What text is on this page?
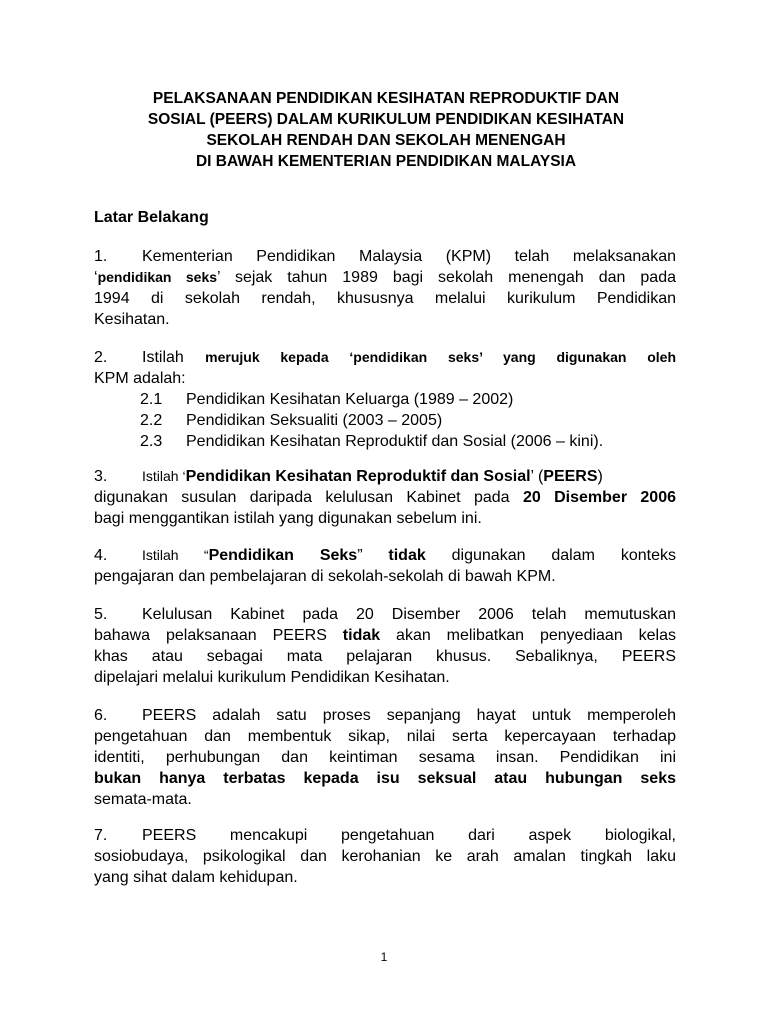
PELAKSANAAN PENDIDIKAN KESIHATAN REPRODUKTIF DAN
SOSIAL (PEERS) DALAM KURIKULUM PENDIDIKAN KESIHATAN
SEKOLAH RENDAH DAN SEKOLAH MENENGAH
DI BAWAH KEMENTERIAN PENDIDIKAN MALAYSIA
Latar Belakang
1. Kementerian Pendidikan Malaysia (KPM) telah melaksanakan
‘pendidikan seks’ sejak tahun 1989 bagi sekolah menengah dan pada
1994 di sekolah rendah, khususnya melalui kurikulum Pendidikan
Kesihatan.
2. Istilah merujuk kepada ‘pendidikan seks’ yang digunakan oleh
KPM adalah:
2.1 Pendidikan Kesihatan Keluarga (1989 – 2002)
2.2 Pendidikan Seksualiti (2003 – 2005)
2.3 Pendidikan Kesihatan Reproduktif dan Sosial (2006 – kini).
3. Istilah ‘Pendidikan Kesihatan Reproduktif dan Sosial’ (PEERS)
digunakan susulan daripada kelulusan Kabinet pada 20 Disember 2006
bagi menggantikan istilah yang digunakan sebelum ini.
4. Istilah “Pendidikan Seks” tidak digunakan dalam konteks
pengajaran dan pembelajaran di sekolah-sekolah di bawah KPM.
5. Kelulusan Kabinet pada 20 Disember 2006 telah memutuskan
bahawa pelaksanaan PEERS tidak akan melibatkan penyediaan kelas
khas atau sebagai mata pelajaran khusus. Sebaliknya, PEERS
dipelajari melalui kurikulum Pendidikan Kesihatan.
6. PEERS adalah satu proses sepanjang hayat untuk memperoleh
pengetahuan dan membentuk sikap, nilai serta kepercayaan terhadap
identiti, perhubungan dan keintiman sesama insan. Pendidikan ini
bukan hanya terbatas kepada isu seksual atau hubungan seks
semata-mata.
7. PEERS mencakupi pengetahuan dari aspek biologikal,
sosiobudaya, psikologikal dan kerohanian ke arah amalan tingkah laku
yang sihat dalam kehidupan.
1
